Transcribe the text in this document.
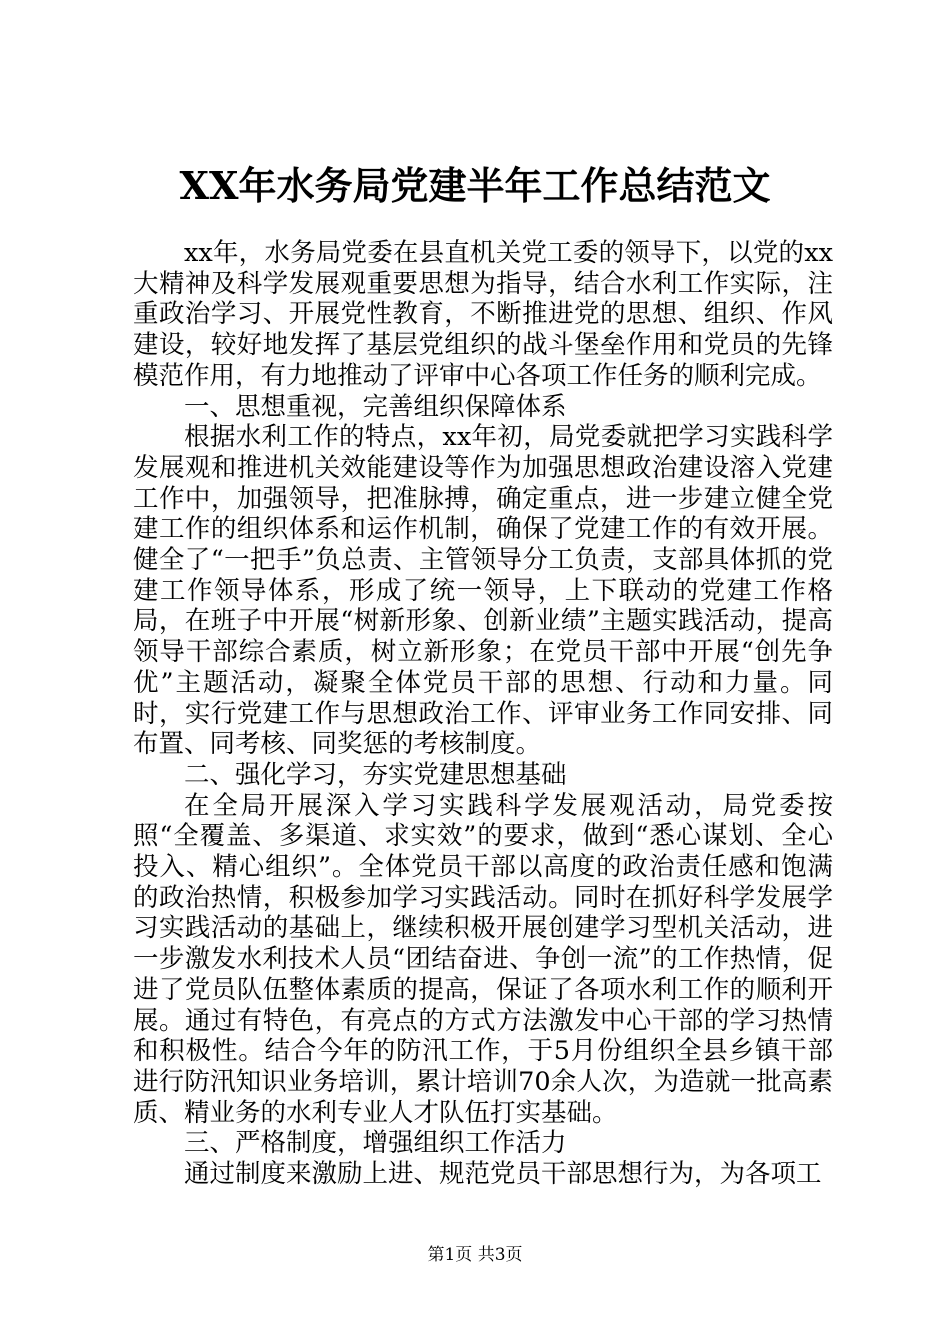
XX年水务局党建半年工作总结范文

xx年，水务局党委在县直机关党工委的领导下，以党的xx大精神及科学发展观重要思想为指导，结合水利工作实际，注重政治学习、开展党性教育，不断推进党的思想、组织、作风建设，较好地发挥了基层党组织的战斗堡垒作用和党员的先锋模范作用，有力地推动了评审中心各项工作任务的顺利完成。

一、思想重视，完善组织保障体系

根据水利工作的特点，xx年初，局党委就把学习实践科学发展观和推进机关效能建设等作为加强思想政治建设溶入党建工作中，加强领导，把准脉搏，确定重点，进一步建立健全党建工作的组织体系和运作机制，确保了党建工作的有效开展。健全了“一把手”负总责、主管领导分工负责，支部具体抓的党建工作领导体系，形成了统一领导，上下联动的党建工作格局，在班子中开展“树新形象、创新业绩”主题实践活动，提高领导干部综合素质，树立新形象；在党员干部中开展“创先争优”主题活动，凝聚全体党员干部的思想、行动和力量。同时，实行党建工作与思想政治工作、评审业务工作同安排、同布置、同考核、同奖惩的考核制度。

二、强化学习，夯实党建思想基础

在全局开展深入学习实践科学发展观活动，局党委按照“全覆盖、多渠道、求实效”的要求，做到“悉心谋划、全心投入、精心组织”。全体党员干部以高度的政治责任感和饱满的政治热情，积极参加学习实践活动。同时在抓好科学发展学习实践活动的基础上，继续积极开展创建学习型机关活动，进一步激发水利技术人员“团结奋进、争创一流”的工作热情，促进了党员队伍整体素质的提高，保证了各项水利工作的顺利开展。通过有特色，有亮点的方式方法激发中心干部的学习热情和积极性。结合今年的防汛工作，于5月份组织全县乡镇干部进行防汛知识业务培训，累计培训70余人次，为造就一批高素质、精业务的水利专业人才队伍打实基础。

三、严格制度，增强组织工作活力

通过制度来激励上进、规范党员干部思想行为，为各项工

第1页 共3页
